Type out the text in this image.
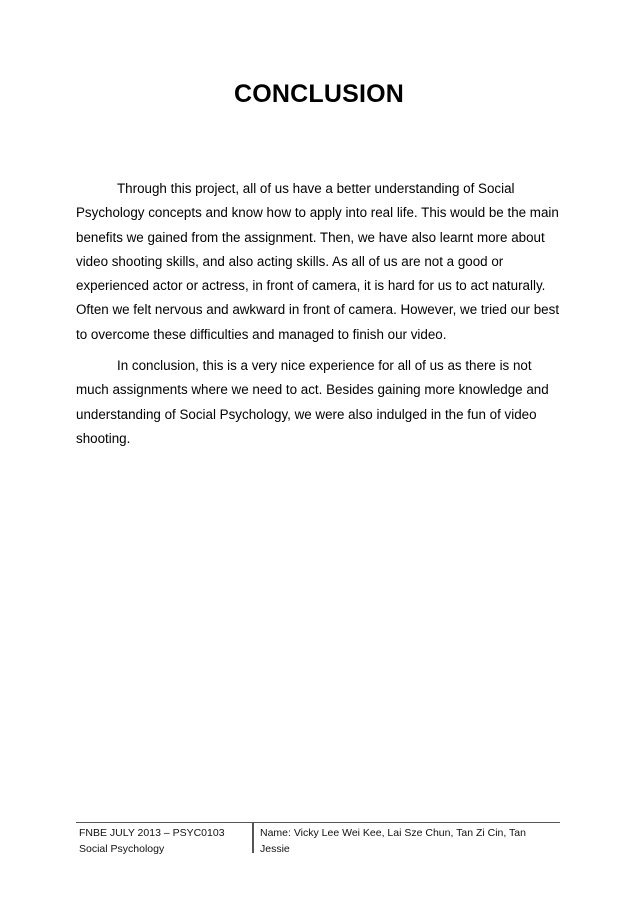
CONCLUSION

Through this project, all of us have a better understanding of Social Psychology concepts and know how to apply into real life. This would be the main benefits we gained from the assignment. Then, we have also learnt more about video shooting skills, and also acting skills. As all of us are not a good or experienced actor or actress, in front of camera, it is hard for us to act naturally. Often we felt nervous and awkward in front of camera. However, we tried our best to overcome these difficulties and managed to finish our video.

In conclusion, this is a very nice experience for all of us as there is not much assignments where we need to act. Besides gaining more knowledge and understanding of Social Psychology, we were also indulged in the fun of video shooting.

FNBE JULY 2013 – PSYC0103 Social Psychology
Name: Vicky Lee Wei Kee, Lai Sze Chun, Tan Zi Cin, Tan Jessie
